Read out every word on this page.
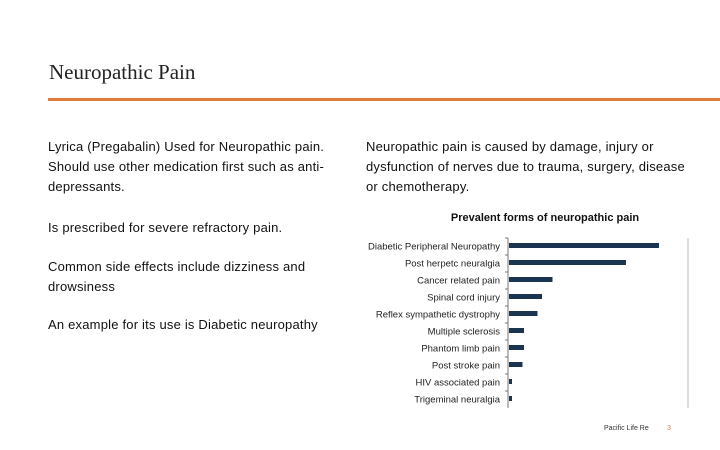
Neuropathic Pain
Lyrica (Pregabalin) Used for Neuropathic pain. Should use other medication first such as anti-depressants.
Neuropathic pain is caused by damage, injury or dysfunction of nerves due to trauma, surgery, disease or chemotherapy.
Is prescribed for severe refractory pain.
Common side effects include dizziness and drowsiness
An example for its use is Diabetic neuropathy
Prevalent forms of neuropathic pain
Diabetic Peripheral Neuropathy
Post herpetc neuralgia
Cancer related pain
Spinal cord injury
Reflex sympathetic dystrophy
Multiple sclerosis
Phantom limb pain
Post stroke pain
HIV associated pain
Trigeminal neuralgia
Pacific Life Re	3
